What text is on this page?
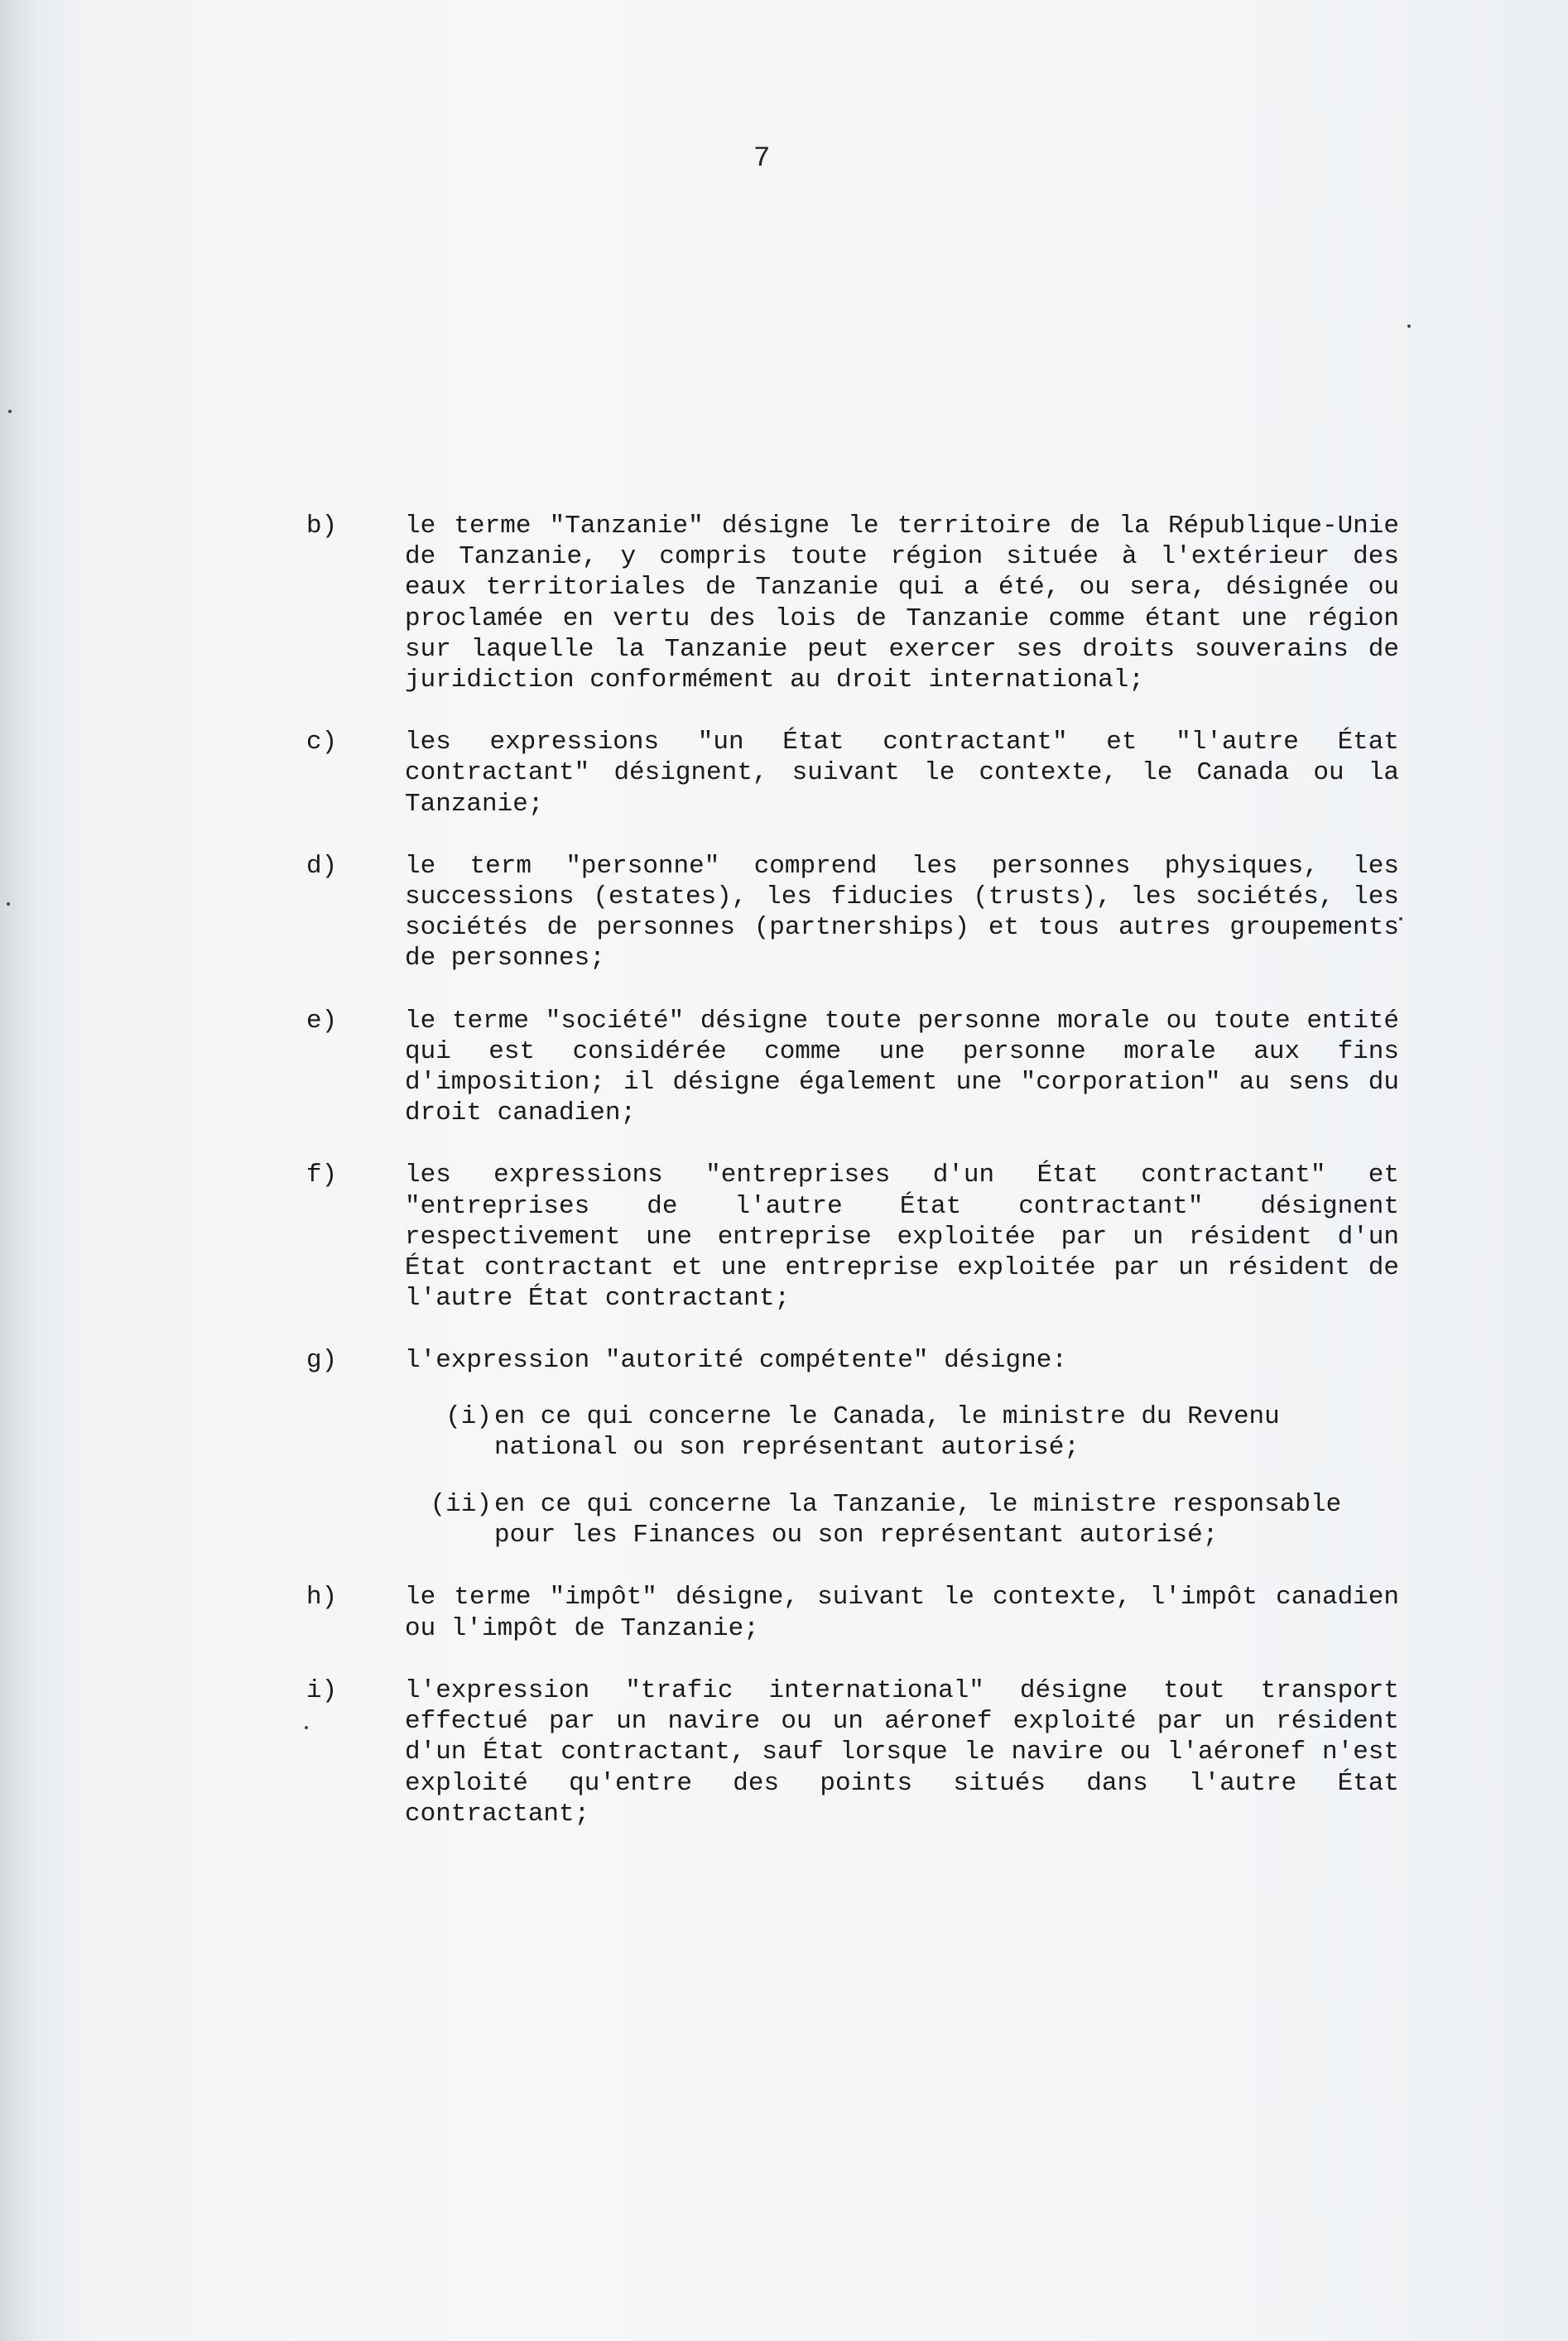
7
b)	le terme "Tanzanie" désigne le territoire de la République-Unie de Tanzanie, y compris toute région située à l'extérieur des eaux territoriales de Tanzanie qui a été, ou sera, désignée ou proclamée en vertu des lois de Tanzanie comme étant une région sur laquelle la Tanzanie peut exercer ses droits souverains de juridiction conformément au droit international;
c)	les expressions "un État contractant" et "l'autre État contractant" désignent, suivant le contexte, le Canada ou la Tanzanie;
d)	le term "personne" comprend les personnes physiques, les successions (estates), les fiducies (trusts), les sociétés, les sociétés de personnes (partnerships) et tous autres groupements de personnes;
e)	le terme "société" désigne toute personne morale ou toute entité qui est considérée comme une personne morale aux fins d'imposition; il désigne également une "corporation" au sens du droit canadien;
f)	les expressions "entreprises d'un État contractant" et "entreprises de l'autre État contractant" désignent respectivement une entreprise exploitée par un résident d'un État contractant et une entreprise exploitée par un résident de l'autre État contractant;
g)	l'expression "autorité compétente" désigne:
(i) en ce qui concerne le Canada, le ministre du Revenu national ou son représentant autorisé;
(ii) en ce qui concerne la Tanzanie, le ministre responsable pour les Finances ou son représentant autorisé;
h)	le terme "impôt" désigne, suivant le contexte, l'impôt canadien ou l'impôt de Tanzanie;
i)	l'expression "trafic international" désigne tout transport effectué par un navire ou un aéronef exploité par un résident d'un État contractant, sauf lorsque le navire ou l'aéronef n'est exploité qu'entre des points situés dans l'autre État contractant;
